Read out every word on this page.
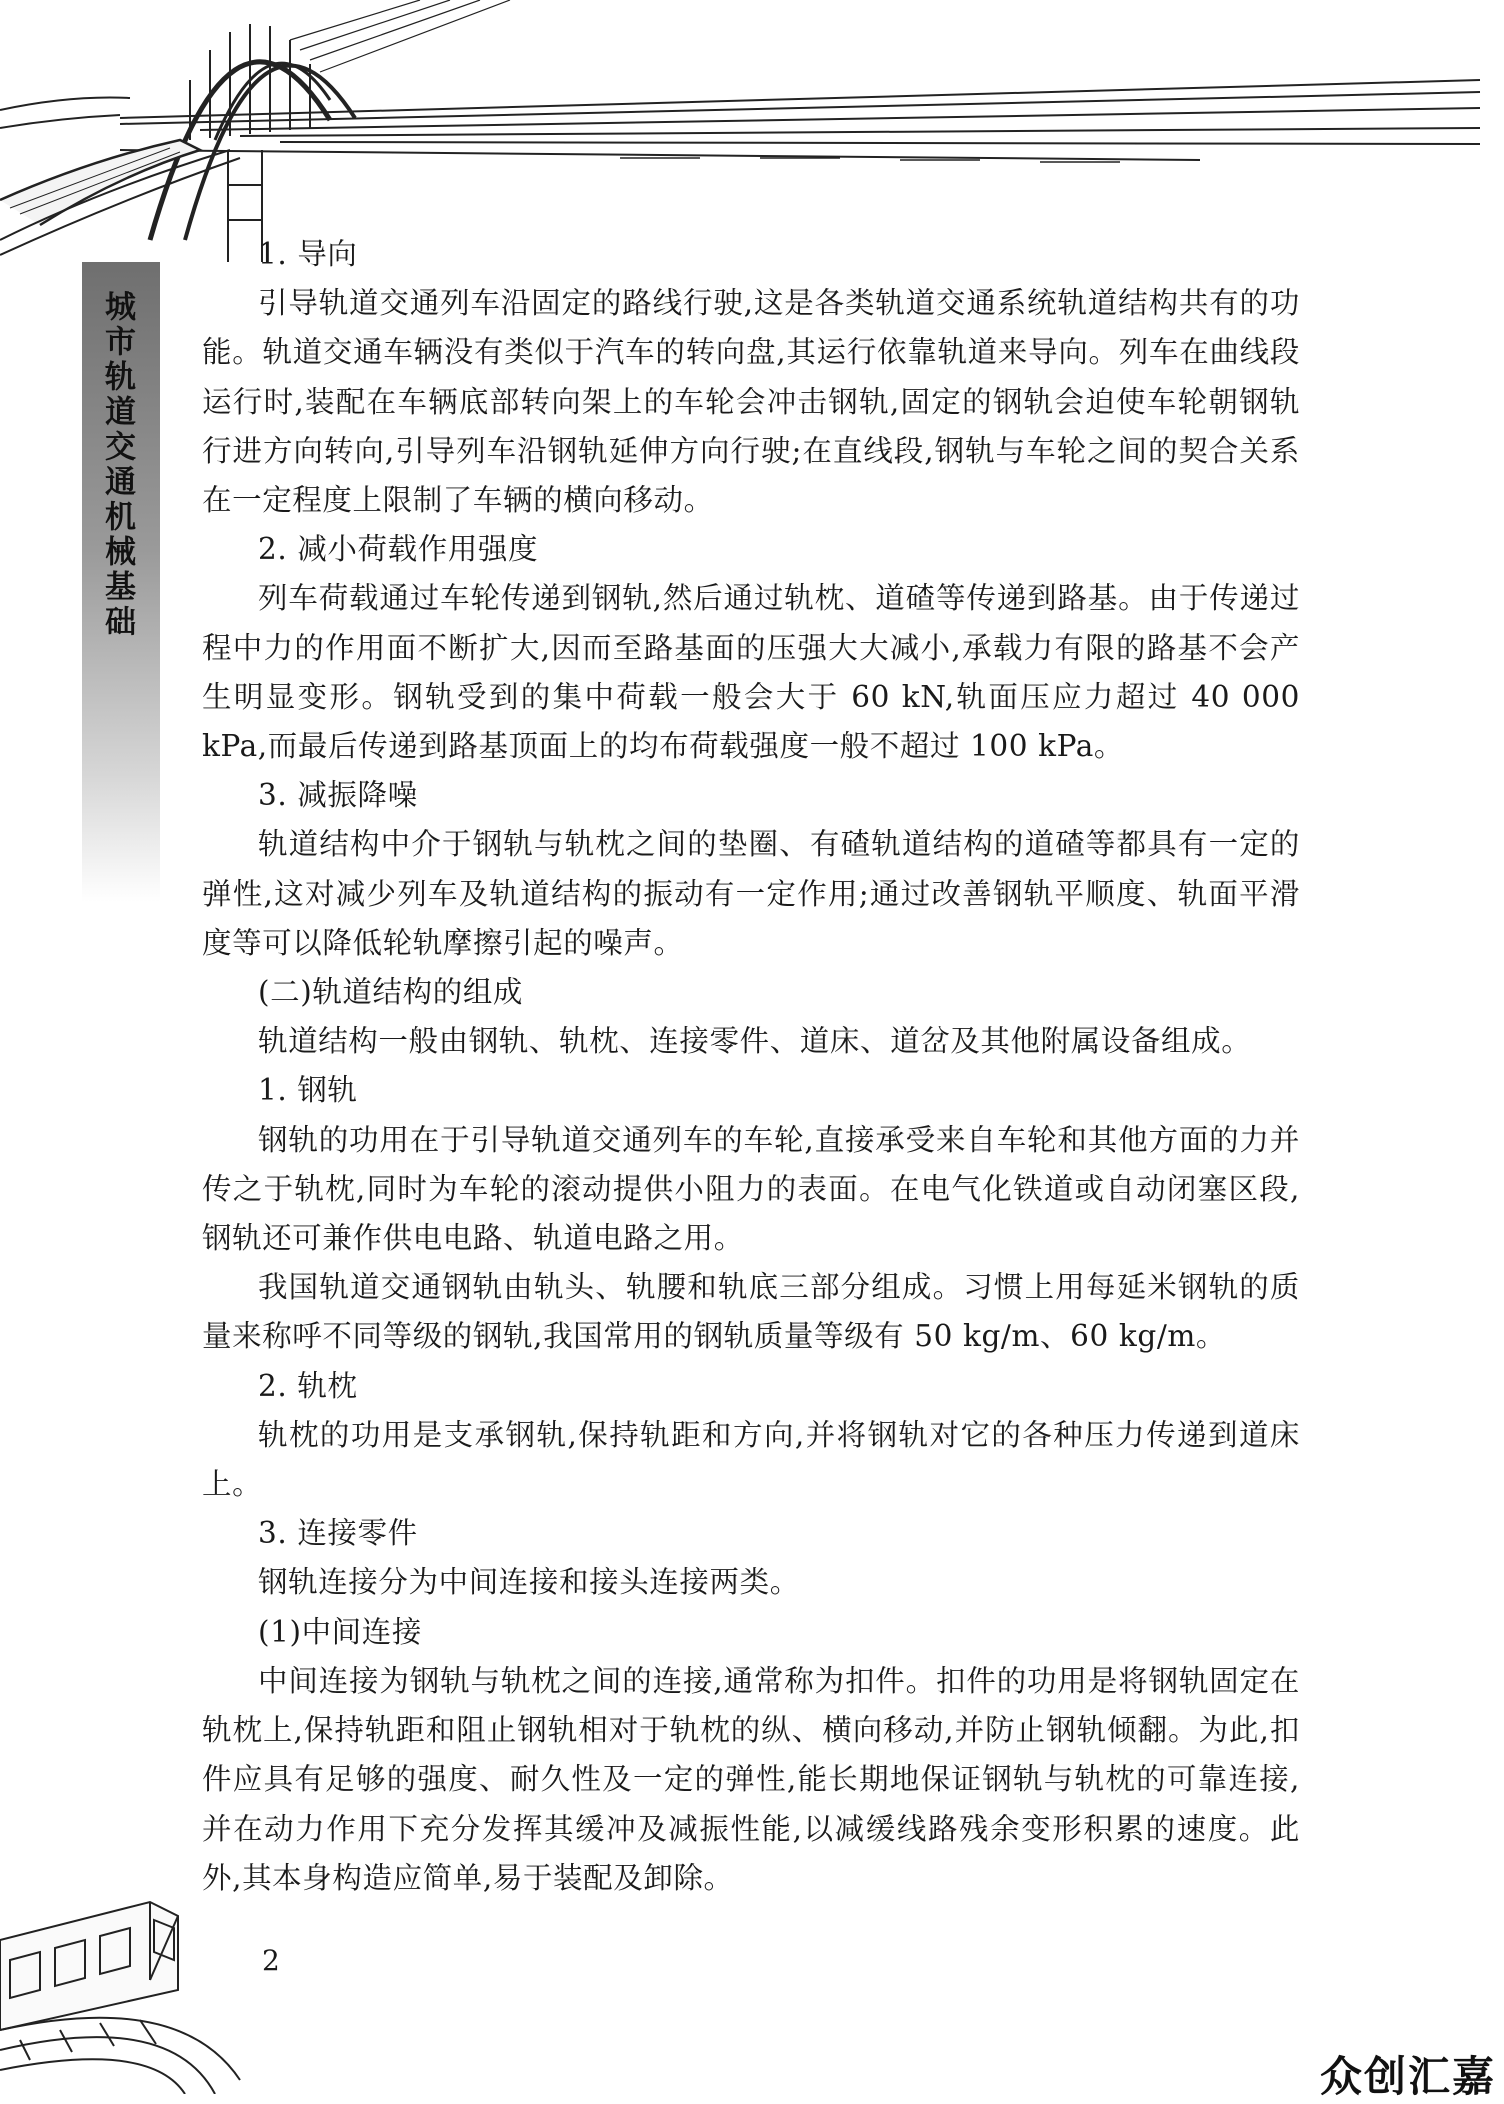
城市轨道交通机械基础

1. 导向

引导轨道交通列车沿固定的路线行驶,这是各类轨道交通系统轨道结构共有的功能。轨道交通车辆没有类似于汽车的转向盘,其运行依靠轨道来导向。列车在曲线段运行时,装配在车辆底部转向架上的车轮会冲击钢轨,固定的钢轨会迫使车轮朝钢轨行进方向转向,引导列车沿钢轨延伸方向行驶;在直线段,钢轨与车轮之间的契合关系在一定程度上限制了车辆的横向移动。

2. 减小荷载作用强度

列车荷载通过车轮传递到钢轨,然后通过轨枕、道碴等传递到路基。由于传递过程中力的作用面不断扩大,因而至路基面的压强大大减小,承载力有限的路基不会产生明显变形。钢轨受到的集中荷载一般会大于 60 kN,轨面压应力超过 40 000 kPa,而最后传递到路基顶面上的均布荷载强度一般不超过 100 kPa。

3. 减振降噪

轨道结构中介于钢轨与轨枕之间的垫圈、有碴轨道结构的道碴等都具有一定的弹性,这对减少列车及轨道结构的振动有一定作用;通过改善钢轨平顺度、轨面平滑度等可以降低轮轨摩擦引起的噪声。

(二)轨道结构的组成

轨道结构一般由钢轨、轨枕、连接零件、道床、道岔及其他附属设备组成。

1. 钢轨

钢轨的功用在于引导轨道交通列车的车轮,直接承受来自车轮和其他方面的力并传之于轨枕,同时为车轮的滚动提供小阻力的表面。在电气化铁道或自动闭塞区段,钢轨还可兼作供电电路、轨道电路之用。

我国轨道交通钢轨由轨头、轨腰和轨底三部分组成。习惯上用每延米钢轨的质量来称呼不同等级的钢轨,我国常用的钢轨质量等级有 50 kg/m、60 kg/m。

2. 轨枕

轨枕的功用是支承钢轨,保持轨距和方向,并将钢轨对它的各种压力传递到道床上。

3. 连接零件

钢轨连接分为中间连接和接头连接两类。

(1)中间连接

中间连接为钢轨与轨枕之间的连接,通常称为扣件。扣件的功用是将钢轨固定在轨枕上,保持轨距和阻止钢轨相对于轨枕的纵、横向移动,并防止钢轨倾翻。为此,扣件应具有足够的强度、耐久性及一定的弹性,能长期地保证钢轨与轨枕的可靠连接,并在动力作用下充分发挥其缓冲及减振性能,以减缓线路残余变形积累的速度。此外,其本身构造应简单,易于装配及卸除。

2
众创汇嘉
